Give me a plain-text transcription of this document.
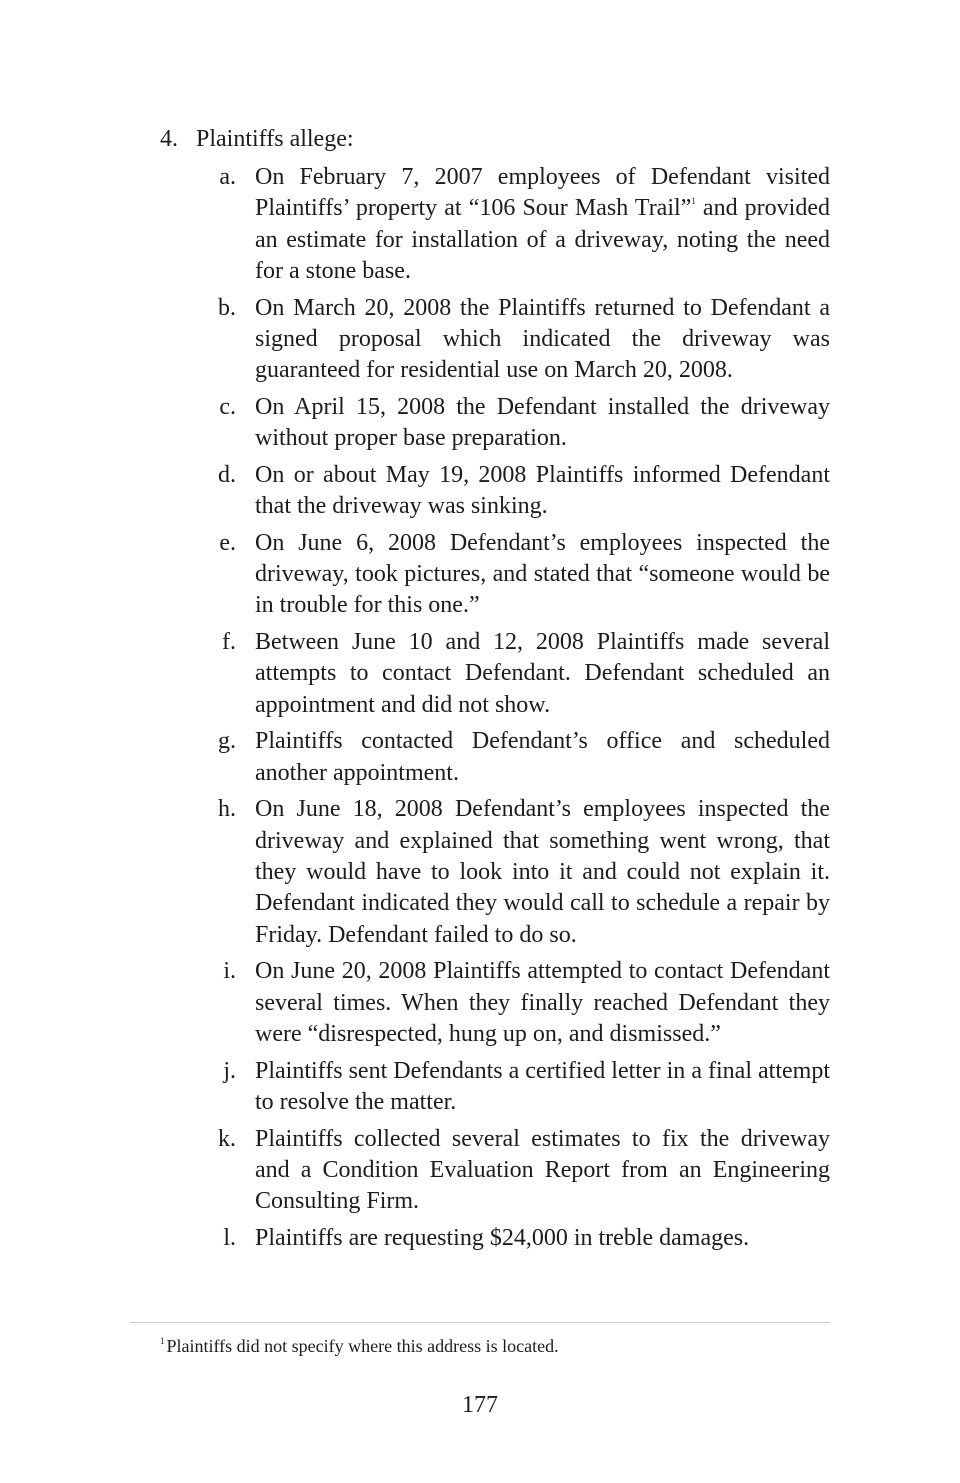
4. Plaintiffs allege:
a. On February 7, 2007 employees of Defendant visited Plaintiffs’ property at “106 Sour Mash Trail”$^1$ and provided an estimate for installation of a driveway, noting the need for a stone base.
b. On March 20, 2008 the Plaintiffs returned to Defendant a signed proposal which indicated the driveway was guaranteed for residential use on March 20, 2008.
c. On April 15, 2008 the Defendant installed the driveway without proper base preparation.
d. On or about May 19, 2008 Plaintiffs informed Defendant that the driveway was sinking.
e. On June 6, 2008 Defendant’s employees inspected the driveway, took pictures, and stated that “someone would be in trouble for this one.”
f. Between June 10 and 12, 2008 Plaintiffs made several attempts to contact Defendant. Defendant scheduled an appointment and did not show.
g. Plaintiffs contacted Defendant’s office and scheduled another appointment.
h. On June 18, 2008 Defendant’s employees inspected the driveway and explained that something went wrong, that they would have to look into it and could not explain it. Defendant indicated they would call to schedule a repair by Friday. Defendant failed to do so.
i. On June 20, 2008 Plaintiffs attempted to contact Defendant several times. When they finally reached Defendant they were “disrespected, hung up on, and dismissed.”
j. Plaintiffs sent Defendants a certified letter in a final attempt to resolve the matter.
k. Plaintiffs collected several estimates to fix the driveway and a Condition Evaluation Report from an Engineering Consulting Firm.
l. Plaintiffs are requesting $24,000 in treble damages.
$^1$ Plaintiffs did not specify where this address is located.
177
